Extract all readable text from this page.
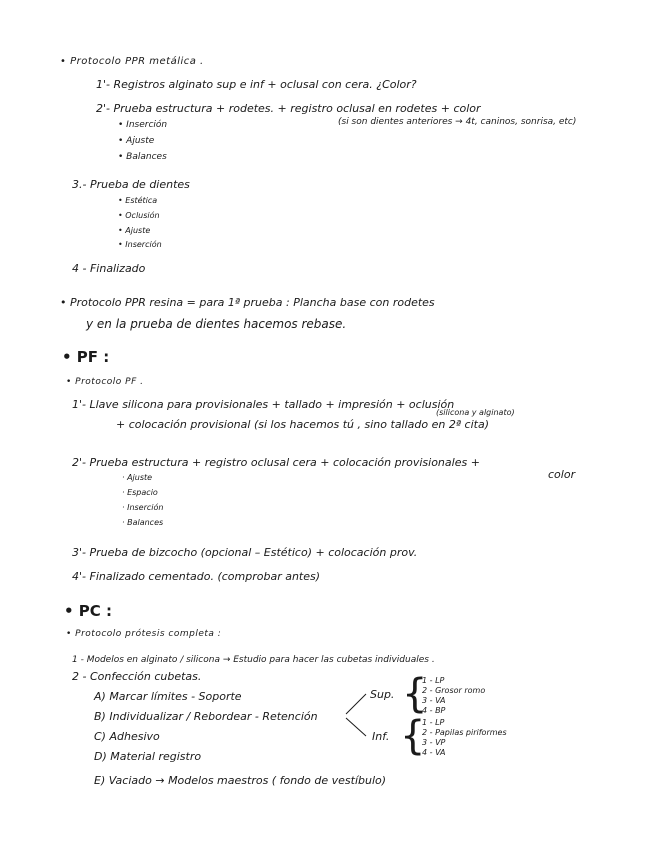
• Protocolo PPR metálica .
1'- Registros alginato sup e inf + oclusal con cera. ¿Color?
2'- Prueba estructura + rodetes. + registro oclusal en rodetes + color
(si son dientes anteriores → 4t, caninos, sonrisa, etc)
• Inserción
• Ajuste
• Balances
3.- Prueba de dientes
• Estética
• Oclusión
• Ajuste
• Inserción
4 - Finalizado
• Protocolo PPR resina = para 1ª prueba : Plancha base con rodetes
y en la prueba de dientes hacemos rebase.
• PF :
• Protocolo PF .
1'- Llave silicona para provisionales + tallado + impresión + oclusión
(silicona y alginato)
+ colocación provisional (si los hacemos tú , sino tallado en 2ª cita)
2'- Prueba estructura + registro oclusal cera + colocación provisionales +
color
· Ajuste
· Espacio
· Inserción
· Balances
3'- Prueba de bizcocho (opcional – Estético) + colocación prov.
4'- Finalizado cementado. (comprobar antes)
• PC :
• Protocolo prótesis completa :
1 - Modelos en alginato / silicona → Estudio para hacer las cubetas individuales .
2 - Confección cubetas.
A) Marcar límites - Soporte
B) Individualizar / Rebordear - Retención
C) Adhesivo
D) Material registro
E) Vaciado → Modelos maestros ( fondo de vestíbulo)
Sup. {
1 - LP
2 - Grosor romo
3 - VA
4 - BP
Inf. {
1 - LP
2 - Papilas piriformes
3 - VP
4 - VA
